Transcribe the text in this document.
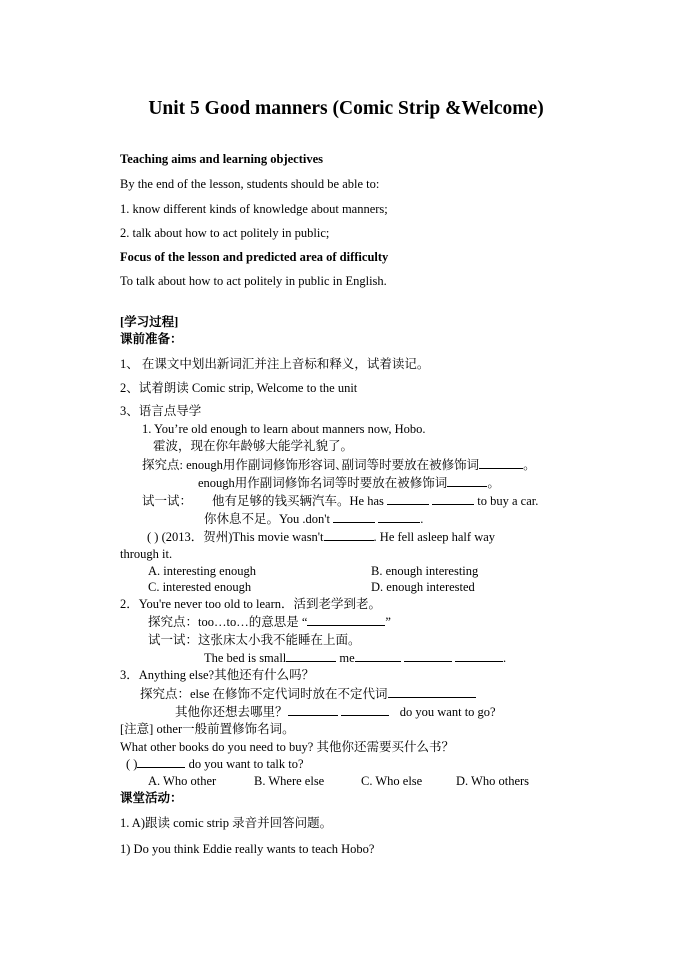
Unit 5 Good manners (Comic Strip &Welcome)
Teaching aims and learning objectives
By the end of the lesson, students should be able to:
1. know different kinds of knowledge about manners;
2. talk about how to act politely in public;
Focus of the lesson and predicted area of difficulty
To talk about how to act politely in public in English.
[学习过程]
课前准备：
1、 在课文中划出新词汇并注上音标和释义，试着读记。
2、试着朗读 Comic strip, Welcome to the unit
3、语言点导学
1. You’re old enough to learn about manners now, Hobo.
霍波，现在你年龄够大能学礼貌了。
探究点: enough用作副词修饰形容词､副词等时要放在被修饰词	。
enough用作副词修饰名词等时要放在被修饰词	。
试一试： 他有足够的钱买辆汽车。He has	to buy a car.
你休息不足。You .don't	.
( ) (2013．贺州)This movie wasn't	. He fell asleep half way
through it.
A. interesting enough	B. enough interesting
C. interested enough	D. enough interested
2．You're never too old to learn．活到老学到老。
探究点：too…to…的意思是 “	”
试一试：这张床太小我不能睡在上面。
The bed is small	me	.
3．Anything else?其他还有什么吗？
探究点：else 在修饰不定代词时放在不定代词
其他你还想去哪里？	do you want to go?
[注意] other一般前置修饰名词。
What other books do you need to buy? 其他你还需要买什么书？
( )	do you want to talk to?
A. Who other	B. Where else	C. Who else	D. Who others
课堂活动：
1. A)跟读 comic strip 录音并回答问题。
1) Do you think Eddie really wants to teach Hobo?
